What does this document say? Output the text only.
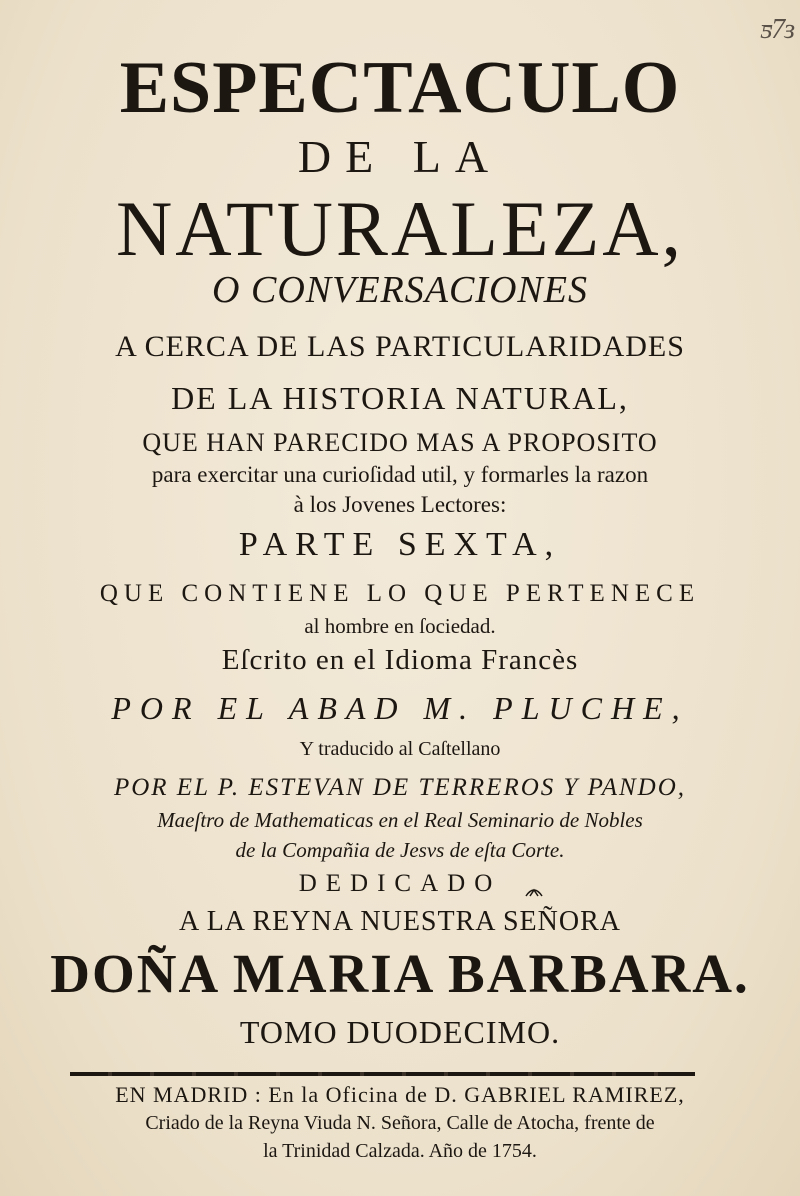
ƽ7ɜ
ESPECTACULO
DE LA
NATURALEZA,
O CONVERSACIONES
A CERCA DE LAS PARTICULARIDADES
DE LA HISTORIA NATURAL,
QUE HAN PARECIDO MAS A PROPOSITO
para exercitar una curioſidad util, y formarles la razon
à los Jovenes Lectores:
PARTE SEXTA,
QUE CONTIENE LO QUE PERTENECE
al hombre en ſociedad.
Eſcrito en el Idioma Francès
POR EL ABAD M. PLUCHE,
Y traducido al Caſtellano
POR EL P. ESTEVAN DE TERREROS Y PANDO,
Maeſtro de Mathematicas en el Real Seminario de Nobles
de la Compañia de Jesvs de eſta Corte.
DEDICADO
A LA REYNA NUESTRA SEÑORA
DOÑA MARIA BARBARA.
TOMO DUODECIMO.
EN MADRID : En la Oficina de D. GABRIEL RAMIREZ,
Criado de la Reyna Viuda N. Señora, Calle de Atocha, frente de
la Trinidad Calzada. Año de 1754.
